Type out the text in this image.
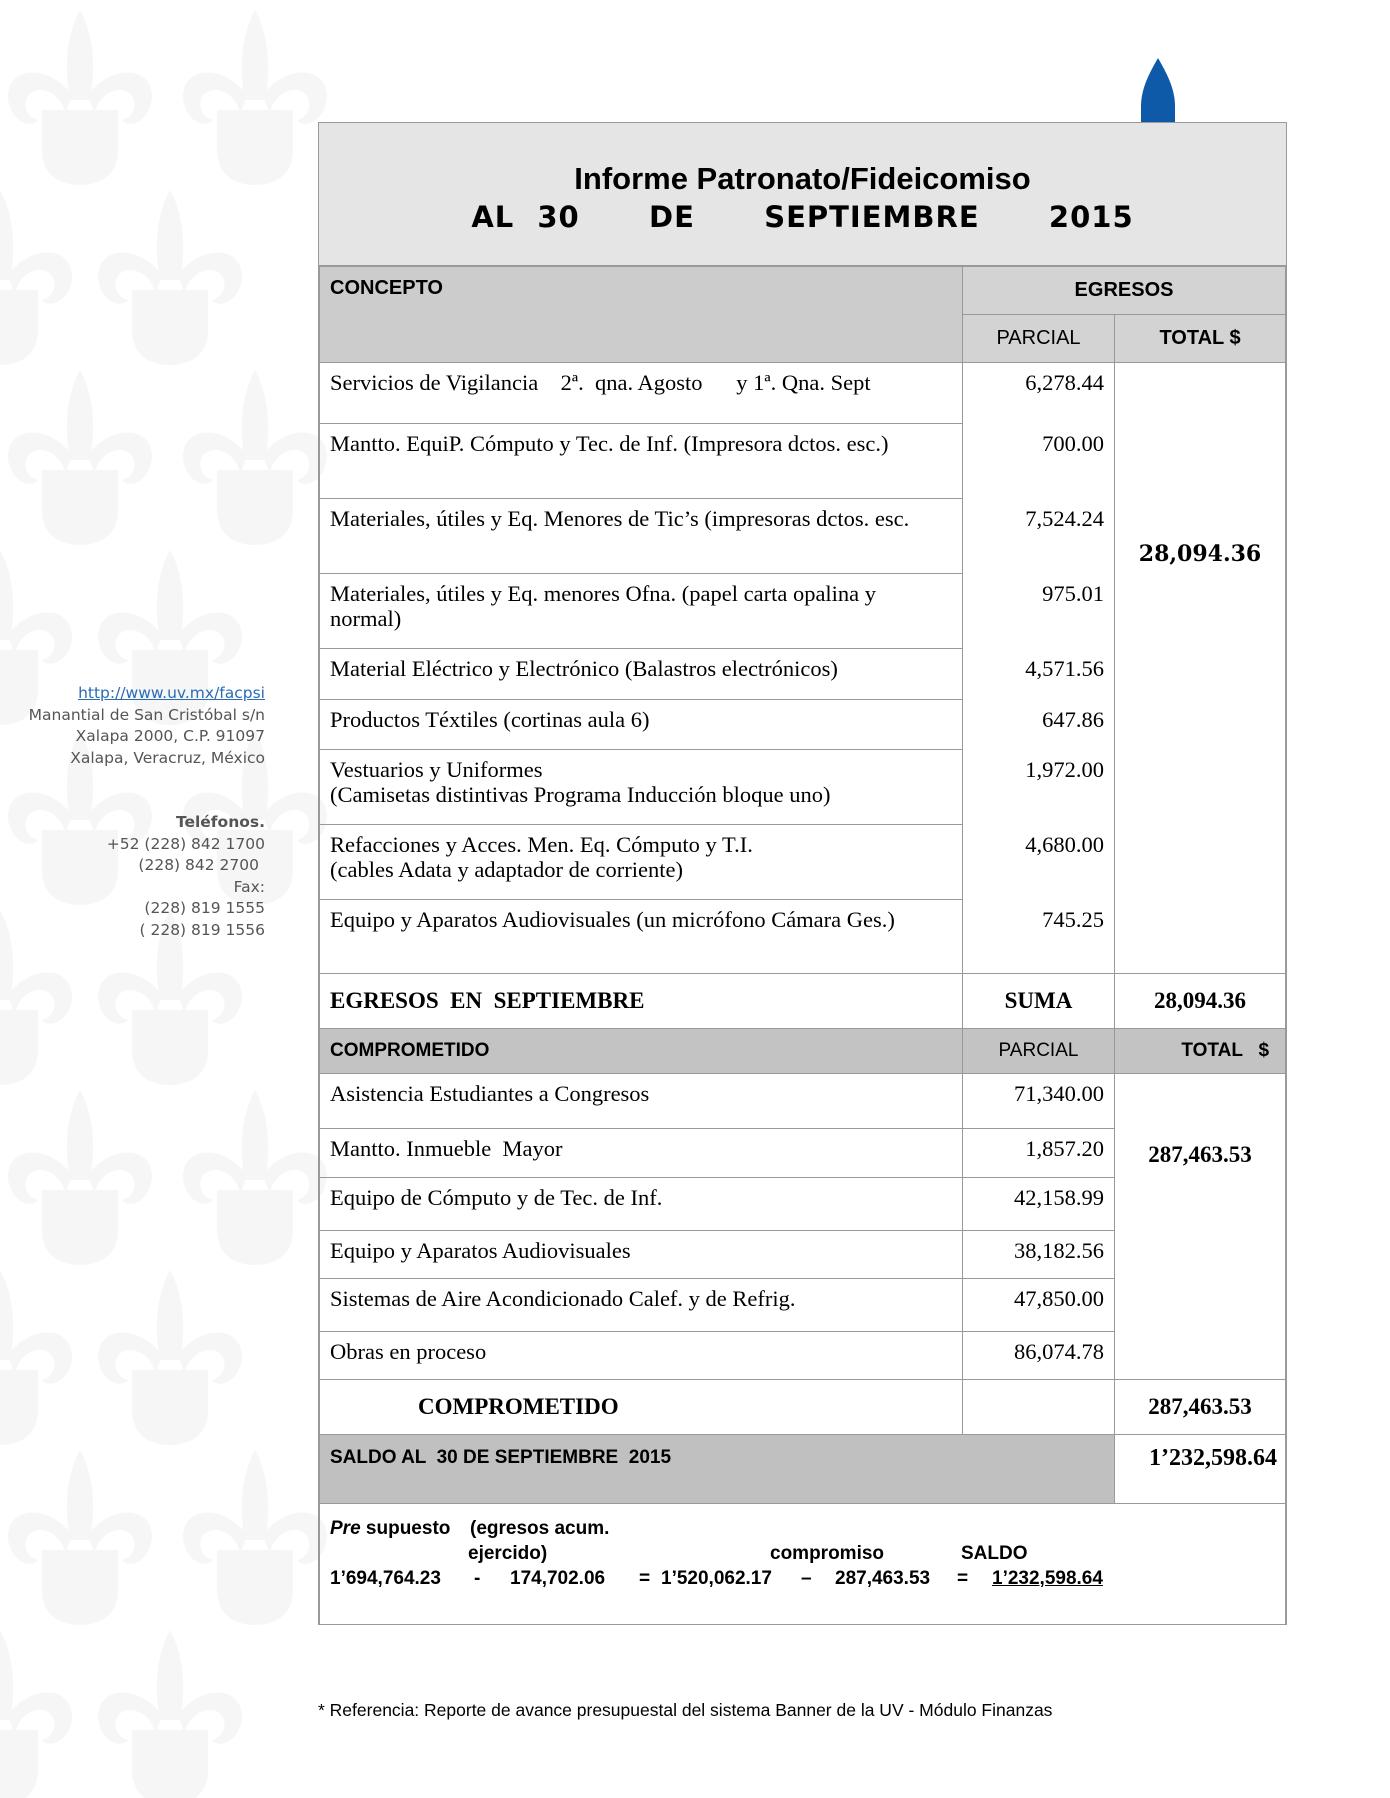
http://www.uv.mx/facpsi
Manantial de San Cristóbal s/n
Xalapa 2000, C.P. 91097
Xalapa, Veracruz, México
Teléfonos.
+52 (228) 842 1700
(228) 842 2700
Fax:
(228) 819 1555
( 228) 819 1556
Informe Patronato/Fideicomiso
AL 30   DE   SEPTIEMBRE   2015
CONCEPTO	EGRESOS	
	PARCIAL	TOTAL $
Servicios de Vigilancia    2ª.  qna. Agosto      y 1ª. Qna. Sept	6,278.44	28,094.36
Mantto. EquiP. Cómputo y Tec. de Inf. (Impresora dctos. esc.)	700.00	
Materiales, útiles y Eq. Menores de Tic’s (impresoras dctos. esc.	7,524.24	
Materiales, útiles y Eq. menores Ofna. (papel carta opalina y normal)	975.01	
Material Eléctrico y Electrónico (Balastros electrónicos)	4,571.56	
Productos Téxtiles (cortinas aula 6)	647.86	

Vestuarios y Uniformes
(Camisetas distintivas Programa Inducción bloque uno)	1,972.00	

Refacciones y Acces. Men. Eq. Cómputo y T.I.
(cables Adata y adaptador de corriente)	4,680.00	
Equipo y Aparatos Audiovisuales (un micrófono Cámara Ges.)	745.25	
EGRESOS  EN  SEPTIEMBRE	SUMA	28,094.36
COMPROMETIDO	PARCIAL	TOTAL   $
Asistencia Estudiantes a Congresos	71,340.00	287,463.53
Mantto. Inmueble  Mayor	1,857.20	
Equipo de Cómputo y de Tec. de Inf.	42,158.99	
Equipo y Aparatos Audiovisuales	38,182.56	
Sistemas de Aire Acondicionado Calef. y de Refrig.	47,850.00	
Obras en proceso	86,074.78	
COMPROMETIDO		287,463.53
SALDO AL  30 DE SEPTIEMBRE  2015		1’232,598.64

Pre supuesto (egresos acum.
ejercido)	compromiso	SALDO
1’694,764.23 - 174,702.06 = 1’520,062.17 – 287,463.53 = 1’232,598.64
* Referencia: Reporte de avance presupuestal del sistema Banner de la UV - Módulo Finanzas
